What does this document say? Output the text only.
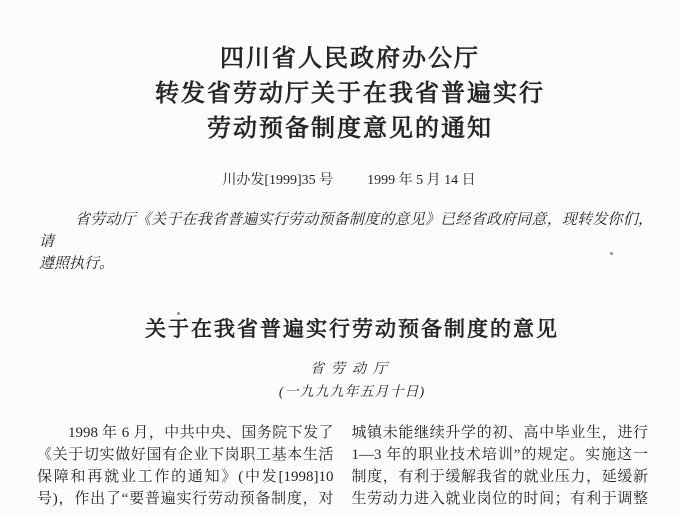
四川省人民政府办公厅
转发省劳动厅关于在我省普遍实行
劳动预备制度意见的通知
川办发[1999]35 号 1999 年 5 月 14 日
省劳动厅《关于在我省普遍实行劳动预备制度的意见》已经省政府同意，现转发你们，请
遵照执行。
关于在我省普遍实行劳动预备制度的意见
省劳动厅
(一九九九年五月十日)
1998 年 6 月，中共中央、国务院下发了
《关于切实做好国有企业下岗职工基本生活
保障和再就业工作的通知》(中发[1998]10
号)，作出了“要普遍实行劳动预备制度，对
城镇未能继续升学的初、高中毕业生，进行
1—3 年的职业技术培训”的规定。实施这一
制度，有利于缓解我省的就业压力，延缓新
生劳动力进入就业岗位的时间；有利于调整
